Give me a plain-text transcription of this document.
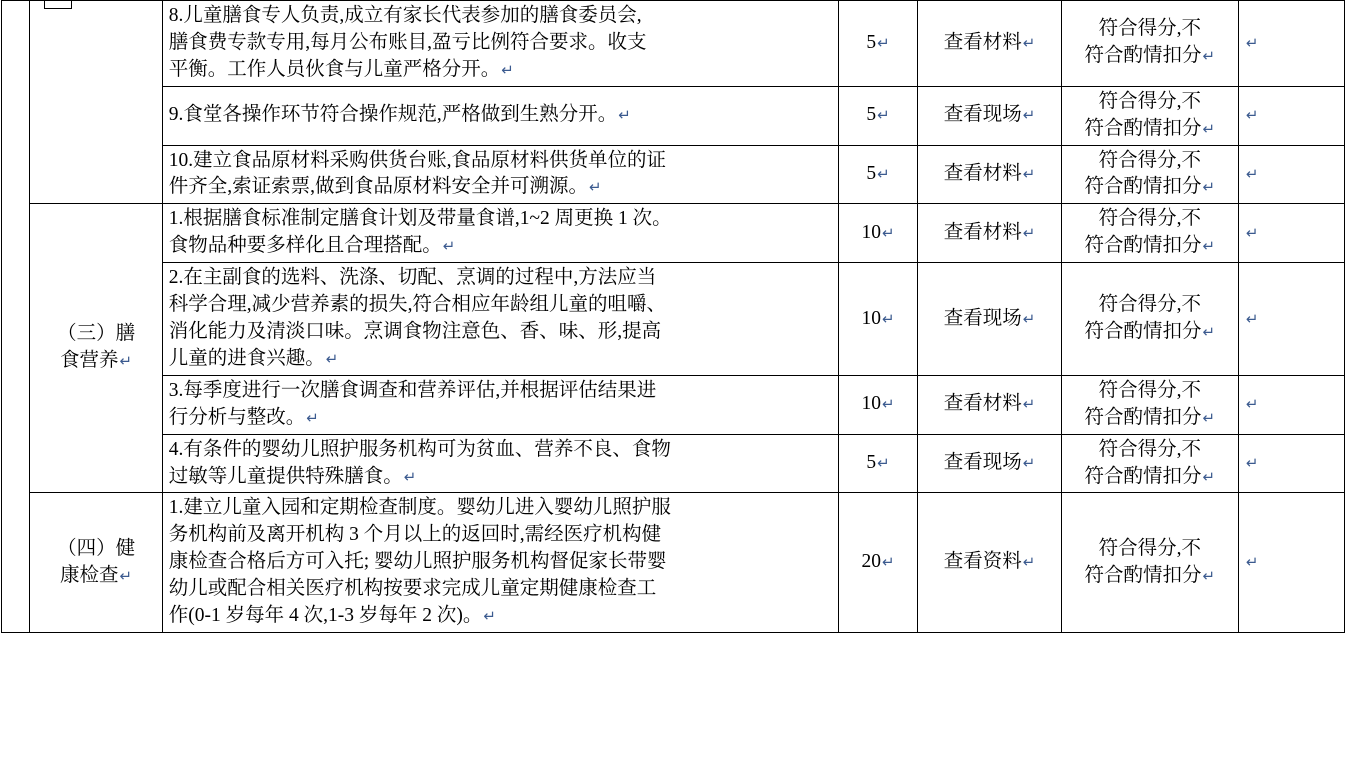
		8.儿童膳食专人负责,成立有家长代表参加的膳食委员会,
膳食费专款专用,每月公布账目,盈亏比例符合要求。收支
平衡。工作人员伙食与儿童严格分开。↵	5↵	查看材料↵	符合得分,不
符合酌情扣分↵	↵

		9.食堂各操作环节符合操作规范,严格做到生熟分开。↵	5↵	查看现场↵	符合得分,不
符合酌情扣分↵	↵

		10.建立食品原材料采购供货台账,食品原材料供货单位的证
件齐全,索证索票,做到食品原材料安全并可溯源。↵	5↵	查看材料↵	符合得分,不
符合酌情扣分↵	↵

	（三）膳
食营养↵	1.根据膳食标准制定膳食计划及带量食谱,1~2 周更换 1 次。
食物品种要多样化且合理搭配。↵	10↵	查看材料↵	符合得分,不
符合酌情扣分↵	↵

		2.在主副食的选料、洗涤、切配、烹调的过程中,方法应当
科学合理,减少营养素的损失,符合相应年龄组儿童的咀嚼、
消化能力及清淡口味。烹调食物注意色、香、味、形,提高
儿童的进食兴趣。↵	10↵	查看现场↵	符合得分,不
符合酌情扣分↵	↵

		3.每季度进行一次膳食调查和营养评估,并根据评估结果进
行分析与整改。↵	10↵	查看材料↵	符合得分,不
符合酌情扣分↵	↵

		4.有条件的婴幼儿照护服务机构可为贫血、营养不良、食物
过敏等儿童提供特殊膳食。↵	5↵	查看现场↵	符合得分,不
符合酌情扣分↵	↵

	（四）健
康检查↵	1.建立儿童入园和定期检查制度。婴幼儿进入婴幼儿照护服
务机构前及离开机构 3 个月以上的返回时,需经医疗机构健
康检查合格后方可入托; 婴幼儿照护服务机构督促家长带婴
幼儿或配合相关医疗机构按要求完成儿童定期健康检查工
作(0-1 岁每年 4 次,1-3 岁每年 2 次)。↵	20↵	查看资料↵	符合得分,不
符合酌情扣分↵	↵
